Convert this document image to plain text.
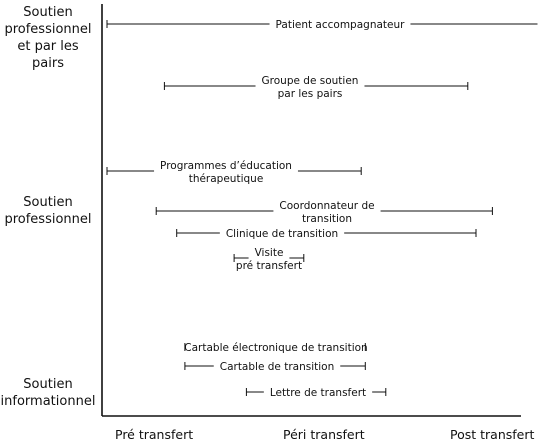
Patient accompagnateur
Groupe de soutien
par les pairs
Programmes d’éducation
thérapeutique
Coordonnateur de
transition
Clinique de transition
Visite
pré transfert
Cartable électronique de transition
Cartable de transition
Lettre de transfert
Soutien
professionnel
et par les pairs
Soutien
professionnel
Soutien
informationnel
Pré transfert	Péri transfert	Post transfert
